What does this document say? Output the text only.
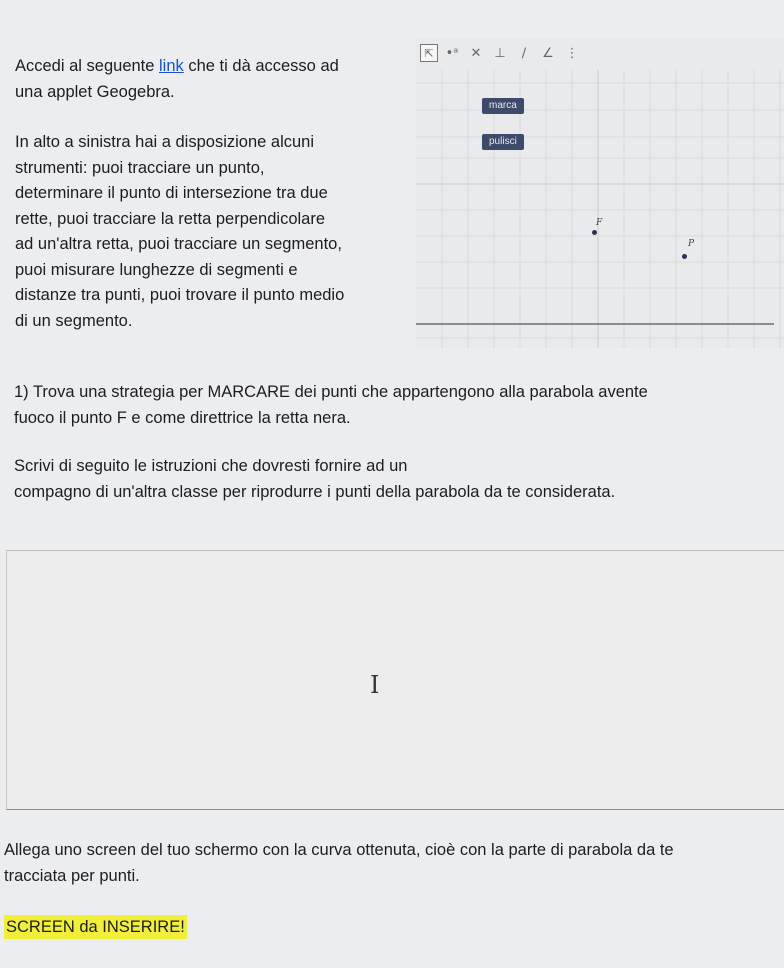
Accedi al seguente link che ti dà accesso ad
una applet Geogebra.

In alto a sinistra hai a disposizione alcuni
strumenti: puoi tracciare un punto,
determinare il punto di intersezione tra due
rette, puoi tracciare la retta perpendicolare
ad un'altra retta, puoi tracciare un segmento,
puoi misurare lunghezze di segmenti e
distanze tra punti, puoi trovare il punto medio
di un segmento.

⇱ •ᵃ ✕ ⊥	∕	∠ ⋮
marca
pulisci
F
P

1) Trova una strategia per MARCARE dei punti che appartengono alla parabola avente
fuoco il punto F e come direttrice la retta nera.

Scrivi di seguito le istruzioni che dovresti fornire ad un
compagno di un'altra classe per riprodurre i punti della parabola da te considerata.

I

Allega uno screen del tuo schermo con la curva ottenuta, cioè con la parte di parabola da te
tracciata per punti.

SCREEN da INSERIRE!
